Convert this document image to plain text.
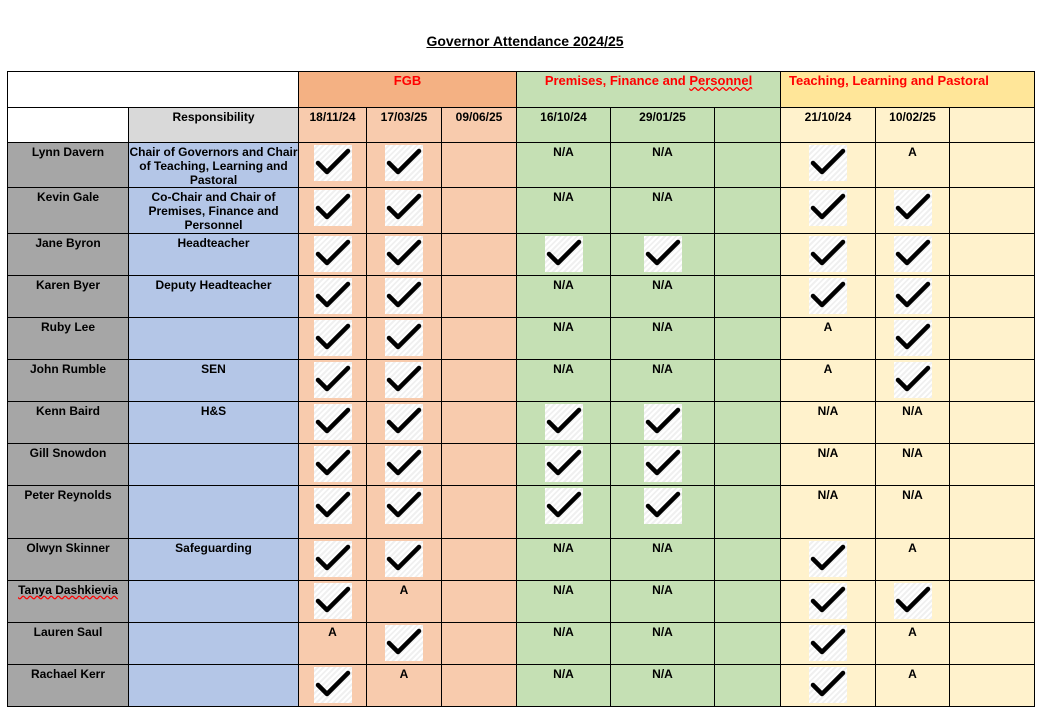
Governor Attendance 2024/25

		FGB			Premises, Finance and Personnel			Teaching, Learning and Pastoral		

	Responsibility	18/11/24	17/03/25	09/06/25	16/10/24	29/01/25		21/10/24	10/02/25	

Lynn Davern	Chair of Governors and Chair of Teaching, Learning and Pastoral				N/A	N/A			A	

Kevin Gale	Co-Chair and Chair of Premises, Finance and Personnel				N/A	N/A

Jane Byron	Headteacher

Karen Byer	Deputy Headteacher				N/A	N/A

Ruby Lee					N/A	N/A		A

John Rumble	SEN				N/A	N/A		A

Kenn Baird	H&S							N/A	N/A	

Gill Snowdon								N/A	N/A	

Peter Reynolds								N/A	N/A	

Olwyn Skinner	Safeguarding				N/A	N/A			A	

Tanya Dashkievia			A		N/A	N/A

Lauren Saul		A			N/A	N/A			A	

Rachael Kerr			A		N/A	N/A			A	
